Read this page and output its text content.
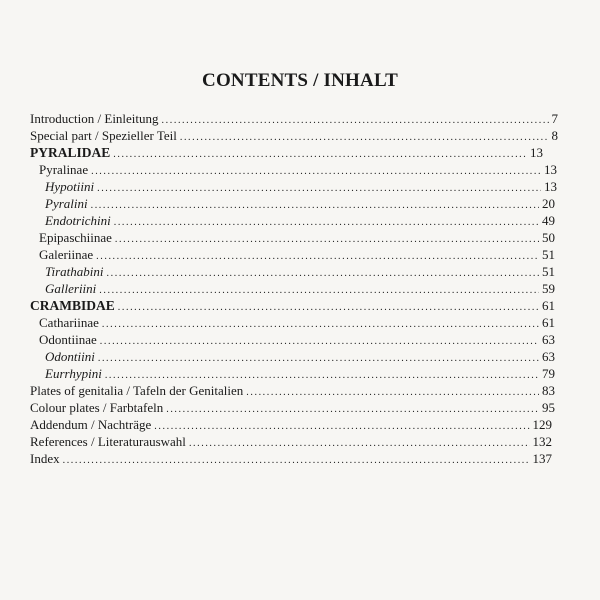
CONTENTS / INHALT
Introduction / Einleitung .....	7
Special part / Spezieller Teil .....	8
PYRALIDAE .....	13
Pyralinae .....	13
Hypotiini .....	13
Pyralini .....	20
Endotrichini .....	49
Epipaschiinae .....	50
Galeriinae .....	51
Tirathabini .....	51
Galleriini .....	59
CRAMBIDAE .....	61
Cathariinae .....	61
Odontiinae .....	63
Odontiini .....	63
Eurrhypini .....	79
Plates of genitalia / Tafeln der Genitalien .....	83
Colour plates / Farbtafeln .....	95
Addendum / Nachträge .....	129
References / Literaturauswahl .....	132
Index .....	137
